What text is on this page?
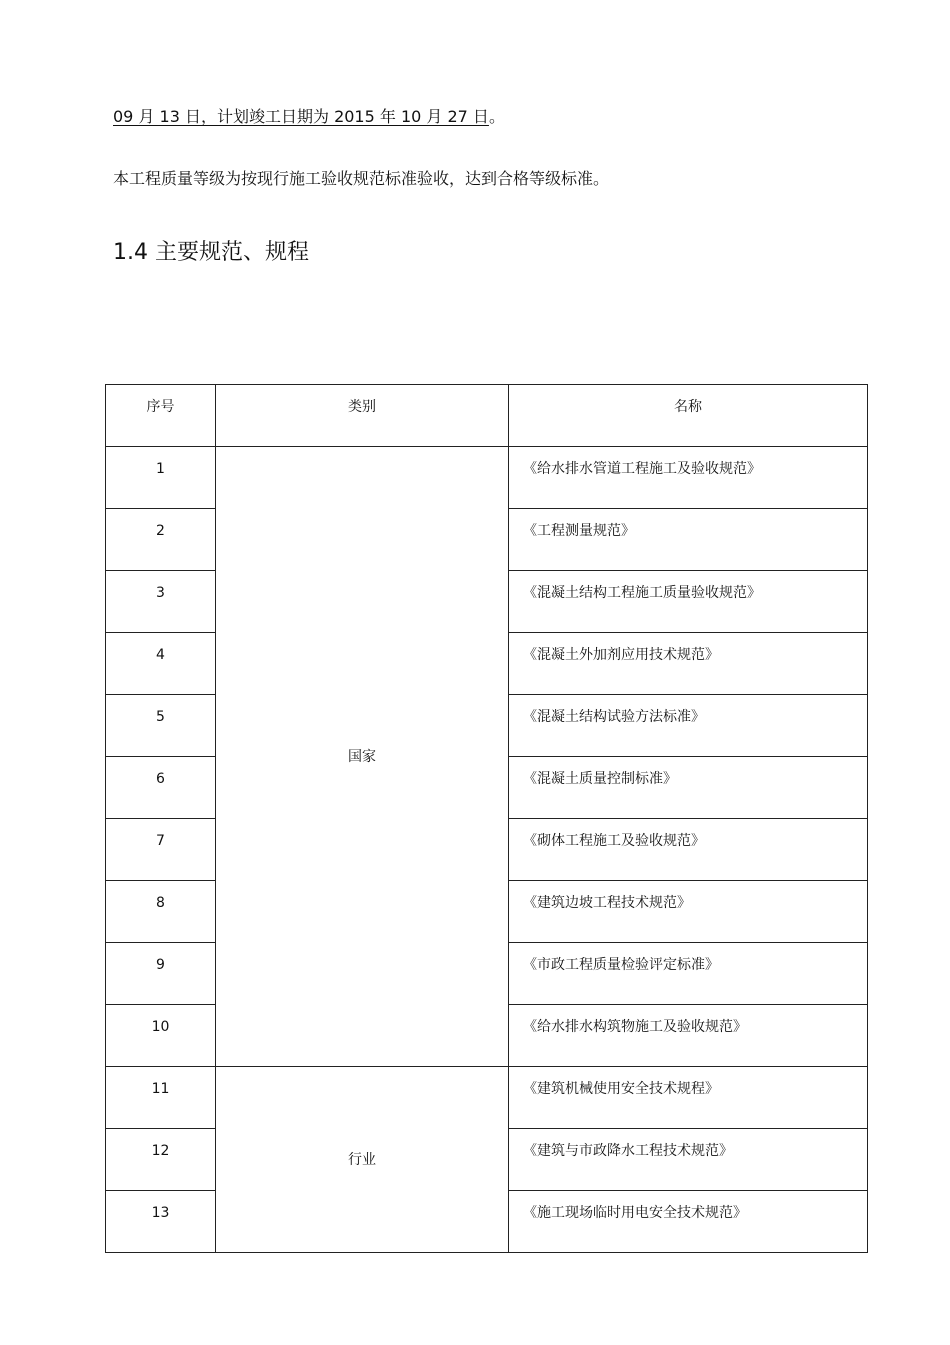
09 月 13 日，计划竣工日期为 2015 年 10 月 27 日。
本工程质量等级为按现行施工验收规范标准验收，达到合格等级标准。
1.4 主要规范、规程
序号	类别	名称
1	国家	《给水排水管道工程施工及验收规范》
2		《工程测量规范》
3		《混凝土结构工程施工质量验收规范》
4		《混凝土外加剂应用技术规范》
5		《混凝土结构试验方法标准》
6		《混凝土质量控制标准》
7		《砌体工程施工及验收规范》
8		《建筑边坡工程技术规范》
9		《市政工程质量检验评定标准》
10		《给水排水构筑物施工及验收规范》
11	行业	《建筑机械使用安全技术规程》
12		《建筑与市政降水工程技术规范》
13		《施工现场临时用电安全技术规范》
